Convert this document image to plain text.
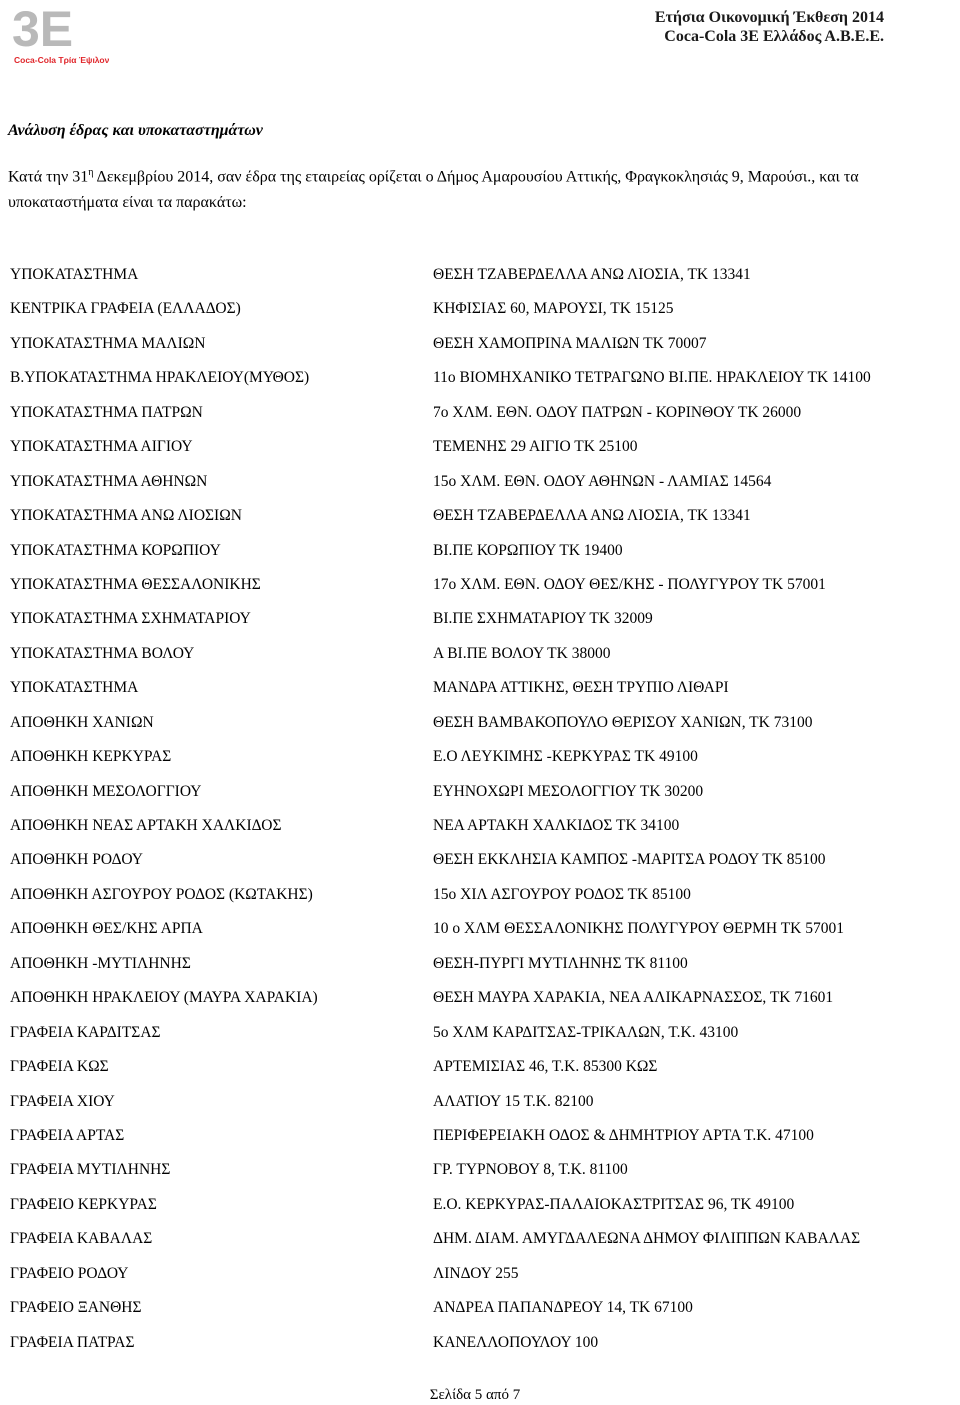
3E
Coca-Cola Τρία Έψιλον
Ετήσια Οικονομική Έκθεση 2014
Coca-Cola 3Ε Ελλάδος Α.Β.Ε.Ε.
Ανάλυση έδρας και υποκαταστημάτων
Κατά την $31^\eta$ Δεκεμβρίου 2014, σαν έδρα της εταιρείας ορίζεται ο Δήμος Αμαρουσίου Αττικής, Φραγκοκλησιάς 9, Μαρούσι., και τα υποκαταστήματα είναι τα παρακάτω:
ΥΠΟΚΑΤΑΣΤΗΜΑ	ΘΕΣΗ ΤΖΑΒΕΡΔΕΛΛΑ ΑΝΩ ΛΙΟΣΙΑ, ΤΚ 13341
ΚΕΝΤΡΙΚΑ ΓΡΑΦΕΙΑ (ΕΛΛΑΔΟΣ)	ΚΗΦΙΣΙΑΣ 60, ΜΑΡΟΥΣΙ, ΤΚ 15125
ΥΠΟΚΑΤΑΣΤΗΜΑ ΜΑΛΙΩΝ	ΘΕΣΗ ΧΑΜΟΠΡΙΝΑ ΜΑΛΙΩΝ ΤΚ 70007
Β.ΥΠΟΚΑΤΑΣΤΗΜΑ ΗΡΑΚΛΕΙΟΥ(ΜΥΘΟΣ)	11ο ΒΙΟΜΗΧΑΝΙΚΟ ΤΕΤΡΑΓΩΝΟ ΒΙ.ΠΕ. ΗΡΑΚΛΕΙΟΥ ΤΚ 14100
ΥΠΟΚΑΤΑΣΤΗΜΑ ΠΑΤΡΩΝ	7ο ΧΛΜ. ΕΘΝ. ΟΔΟΥ ΠΑΤΡΩΝ - ΚΟΡΙΝΘΟΥ ΤΚ 26000
ΥΠΟΚΑΤΑΣΤΗΜΑ ΑΙΓΙΟΥ	ΤΕΜΕΝΗΣ 29 ΑΙΓΙΟ ΤΚ 25100
ΥΠΟΚΑΤΑΣΤΗΜΑ ΑΘΗΝΩΝ	15ο ΧΛΜ. ΕΘΝ. ΟΔΟΥ ΑΘΗΝΩΝ - ΛΑΜΙΑΣ 14564
ΥΠΟΚΑΤΑΣΤΗΜΑ ΑΝΩ ΛΙΟΣΙΩΝ	ΘΕΣΗ ΤΖΑΒΕΡΔΕΛΛΑ ΑΝΩ ΛΙΟΣΙΑ, ΤΚ 13341
ΥΠΟΚΑΤΑΣΤΗΜΑ ΚΟΡΩΠΙΟΥ	ΒΙ.ΠΕ ΚΟΡΩΠΙΟΥ ΤΚ 19400
ΥΠΟΚΑΤΑΣΤΗΜΑ ΘΕΣΣΑΛΟΝΙΚΗΣ	17ο ΧΛΜ. ΕΘΝ. ΟΔΟΥ ΘΕΣ/ΚΗΣ - ΠΟΛΥΓΥΡΟΥ ΤΚ 57001
ΥΠΟΚΑΤΑΣΤΗΜΑ ΣΧΗΜΑΤΑΡΙΟΥ	ΒΙ.ΠΕ ΣΧΗΜΑΤΑΡΙΟΥ ΤΚ 32009
ΥΠΟΚΑΤΑΣΤΗΜΑ ΒΟΛΟΥ	Α ΒΙ.ΠΕ ΒΟΛΟΥ ΤΚ 38000
ΥΠΟΚΑΤΑΣΤΗΜΑ	ΜΑΝΔΡΑ ΑΤΤΙΚΗΣ, ΘΕΣΗ ΤΡΥΠΙΟ ΛΙΘΑΡΙ
ΑΠΟΘΗΚΗ ΧΑΝΙΩΝ	ΘΕΣΗ ΒΑΜΒΑΚΟΠΟΥΛΟ ΘΕΡΙΣΟΥ ΧΑΝΙΩΝ, ΤΚ 73100
ΑΠΟΘΗΚΗ ΚΕΡΚΥΡΑΣ	Ε.Ο ΛΕΥΚΙΜΗΣ -ΚΕΡΚΥΡΑΣ ΤΚ 49100
ΑΠΟΘΗΚΗ ΜΕΣΟΛΟΓΓΙΟΥ	ΕΥΗΝΟΧΩΡΙ ΜΕΣΟΛΟΓΓΙΟΥ ΤΚ 30200
ΑΠΟΘΗΚΗ ΝΕΑΣ ΑΡΤΑΚΗ ΧΑΛΚΙΔΟΣ	ΝΕΑ ΑΡΤΑΚΗ ΧΑΛΚΙΔΟΣ ΤΚ 34100
ΑΠΟΘΗΚΗ ΡΟΔΟΥ	ΘΕΣΗ ΕΚΚΛΗΣΙΑ ΚΑΜΠΟΣ -ΜΑΡΙΤΣΑ ΡΟΔΟΥ ΤΚ 85100
ΑΠΟΘΗΚΗ ΑΣΓΟΥΡΟΥ ΡΟΔΟΣ (ΚΩΤΑΚΗΣ)	15ο ΧΙΛ ΑΣΓΟΥΡΟΥ ΡΟΔΟΣ ΤΚ 85100
ΑΠΟΘΗΚΗ ΘΕΣ/ΚΗΣ ΑΡΠΑ	10 ο ΧΛΜ ΘΕΣΣΑΛΟΝΙΚΗΣ ΠΟΛΥΓΥΡΟΥ ΘΕΡΜΗ ΤΚ 57001
ΑΠΟΘΗΚΗ -ΜΥΤΙΛΗΝΗΣ	ΘΕΣΗ-ΠΥΡΓΙ ΜΥΤΙΛΗΝΗΣ ΤΚ 81100
ΑΠΟΘΗΚΗ ΗΡΑΚΛΕΙΟΥ (ΜΑΥΡΑ ΧΑΡΑΚΙΑ)	ΘΕΣΗ ΜΑΥΡΑ ΧΑΡΑΚΙΑ, ΝΕΑ ΑΛΙΚΑΡΝΑΣΣΟΣ, ΤΚ 71601
ΓΡΑΦΕΙΑ ΚΑΡΔΙΤΣΑΣ	5ο ΧΛΜ ΚΑΡΔΙΤΣΑΣ-ΤΡΙΚΑΛΩΝ, Τ.Κ. 43100
ΓΡΑΦΕΙΑ ΚΩΣ	ΑΡΤΕΜΙΣΙΑΣ 46, Τ.Κ. 85300 ΚΩΣ
ΓΡΑΦΕΙΑ ΧΙΟΥ	ΑΛΑΤΙΟΥ 15 Τ.Κ. 82100
ΓΡΑΦΕΙΑ ΑΡΤΑΣ	ΠΕΡΙΦΕΡΕΙΑΚΗ ΟΔΟΣ & ΔΗΜΗΤΡΙΟΥ ΑΡΤΑ Τ.Κ. 47100
ΓΡΑΦΕΙΑ ΜΥΤΙΛΗΝΗΣ	ΓΡ. ΤΥΡΝΟΒΟΥ 8, Τ.Κ. 81100
ΓΡΑΦΕΙΟ ΚΕΡΚΥΡΑΣ	Ε.Ο. ΚΕΡΚΥΡΑΣ-ΠΑΛΑΙΟΚΑΣΤΡΙΤΣΑΣ 96, ΤΚ 49100
ΓΡΑΦΕΙΑ ΚΑΒΑΛΑΣ	ΔΗΜ. ΔΙΑΜ. ΑΜΥΓΔΑΛΕΩΝΑ ΔΗΜΟΥ ΦΙΛΙΠΠΩΝ ΚΑΒΑΛΑΣ
ΓΡΑΦΕΙΟ ΡΟΔΟΥ	ΛΙΝΔΟΥ 255
ΓΡΑΦΕΙΟ ΞΑΝΘΗΣ	ΑΝΔΡΕΑ ΠΑΠΑΝΔΡΕΟΥ 14, ΤΚ 67100
ΓΡΑΦΕΙΑ ΠΑΤΡΑΣ	ΚΑΝΕΛΛΟΠΟΥΛΟΥ 100
Σελίδα 5 από 7
